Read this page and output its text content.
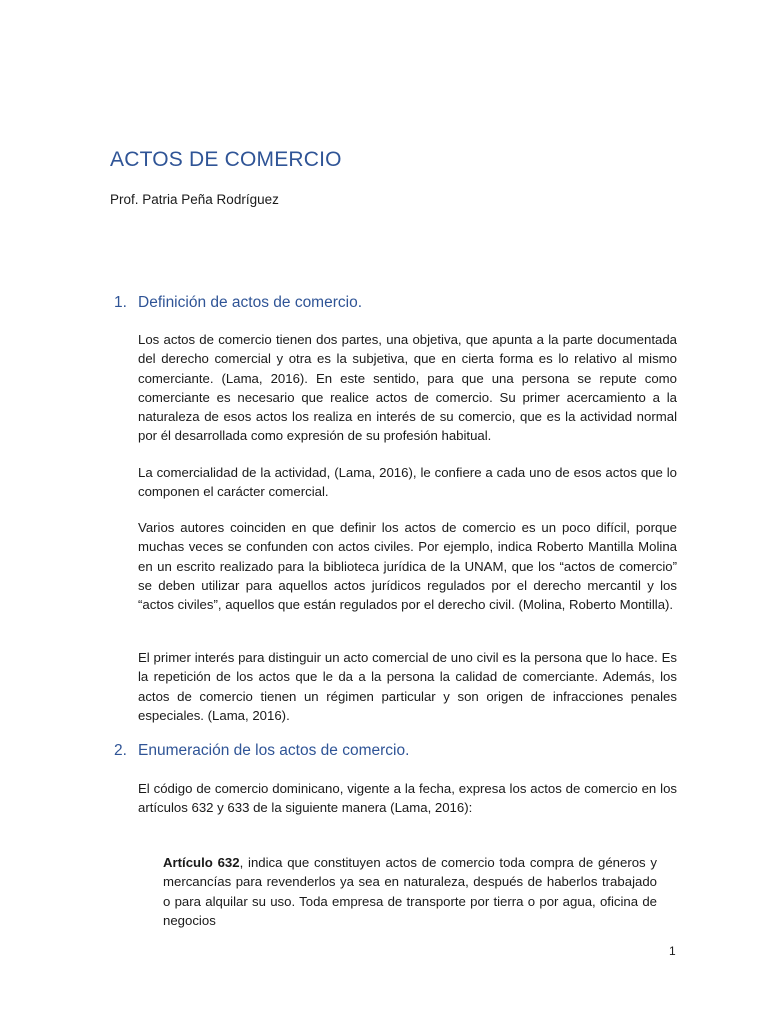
ACTOS DE COMERCIO
Prof. Patria Peña Rodríguez
1. Definición de actos de comercio.

Los actos de comercio tienen dos partes, una objetiva, que apunta a la parte documentada del derecho comercial y otra es la subjetiva, que en cierta forma es lo relativo al mismo comerciante. (Lama, 2016). En este sentido, para que una persona se repute como comerciante es necesario que realice actos de comercio. Su primer acercamiento a la naturaleza de esos actos los realiza en interés de su comercio, que es la actividad normal por él desarrollada como expresión de su profesión habitual.

La comercialidad de la actividad, (Lama, 2016), le confiere a cada uno de esos actos que lo componen el carácter comercial.

Varios autores coinciden en que definir los actos de comercio es un poco difícil, porque muchas veces se confunden con actos civiles. Por ejemplo, indica Roberto Mantilla Molina en un escrito realizado para la biblioteca jurídica de la UNAM, que los “actos de comercio” se deben utilizar para aquellos actos jurídicos regulados por el derecho mercantil y los “actos civiles”, aquellos que están regulados por el derecho civil. (Molina, Roberto Montilla).

El primer interés para distinguir un acto comercial de uno civil es la persona que lo hace. Es la repetición de los actos que le da a la persona la calidad de comerciante. Además, los actos de comercio tienen un régimen particular y son origen de infracciones penales especiales. (Lama, 2016).

2. Enumeración de los actos de comercio.

El código de comercio dominicano, vigente a la fecha, expresa los actos de comercio en los artículos 632 y 633 de la siguiente manera (Lama, 2016):

Artículo 632, indica que constituyen actos de comercio toda compra de géneros y mercancías para revenderlos ya sea en naturaleza, después de haberlos trabajado o para alquilar su uso. Toda empresa de transporte por tierra o por agua, oficina de negocios

1
